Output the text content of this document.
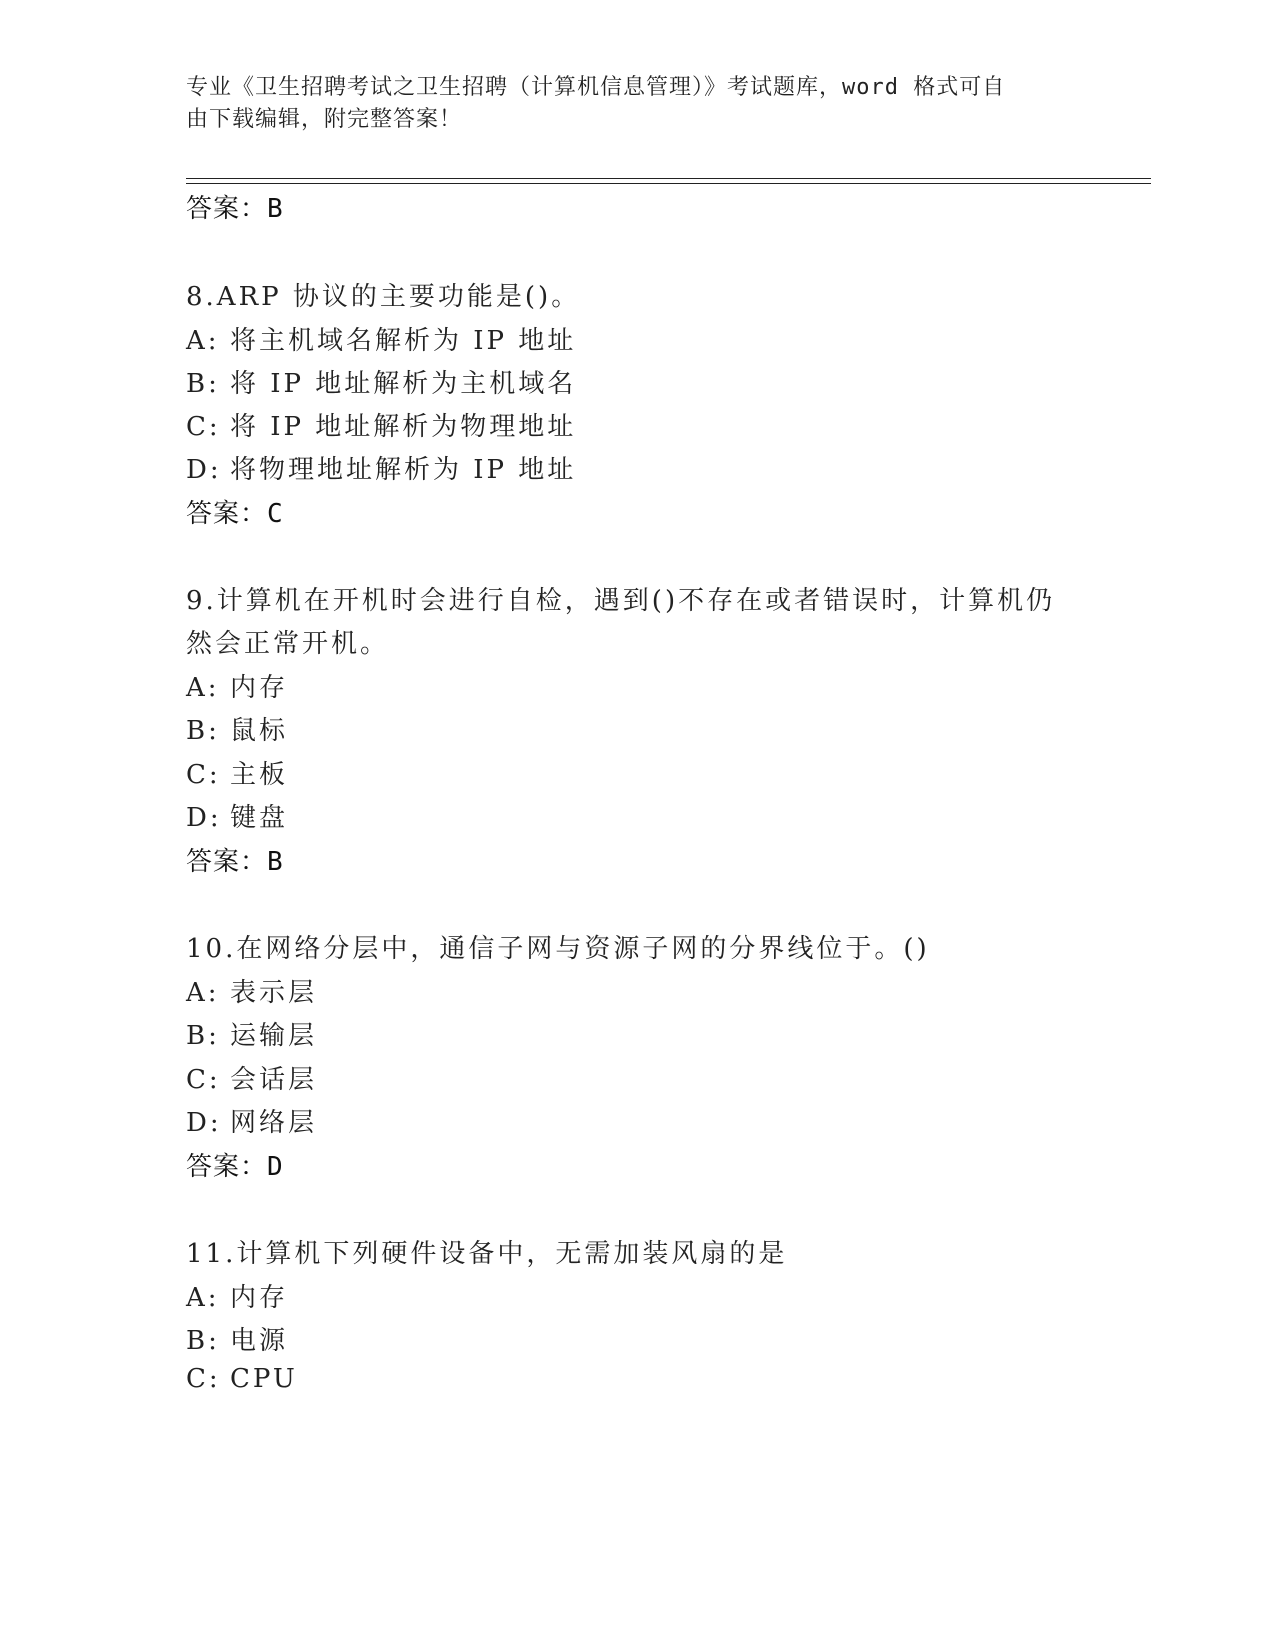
专业《卫生招聘考试之卫生招聘（计算机信息管理）》考试题库，word 格式可自
由下载编辑，附完整答案！
答案：B
8.ARP 协议的主要功能是()。
A: 将主机域名解析为 IP 地址
B: 将 IP 地址解析为主机域名
C: 将 IP 地址解析为物理地址
D: 将物理地址解析为 IP 地址
答案：C
9.计算机在开机时会进行自检，遇到()不存在或者错误时，计算机仍
然会正常开机。
A: 内存
B: 鼠标
C: 主板
D: 键盘
答案：B
10.在网络分层中，通信子网与资源子网的分界线位于。()
A: 表示层
B: 运输层
C: 会话层
D: 网络层
答案：D
11.计算机下列硬件设备中，无需加装风扇的是
A: 内存
B: 电源
C: CPU
